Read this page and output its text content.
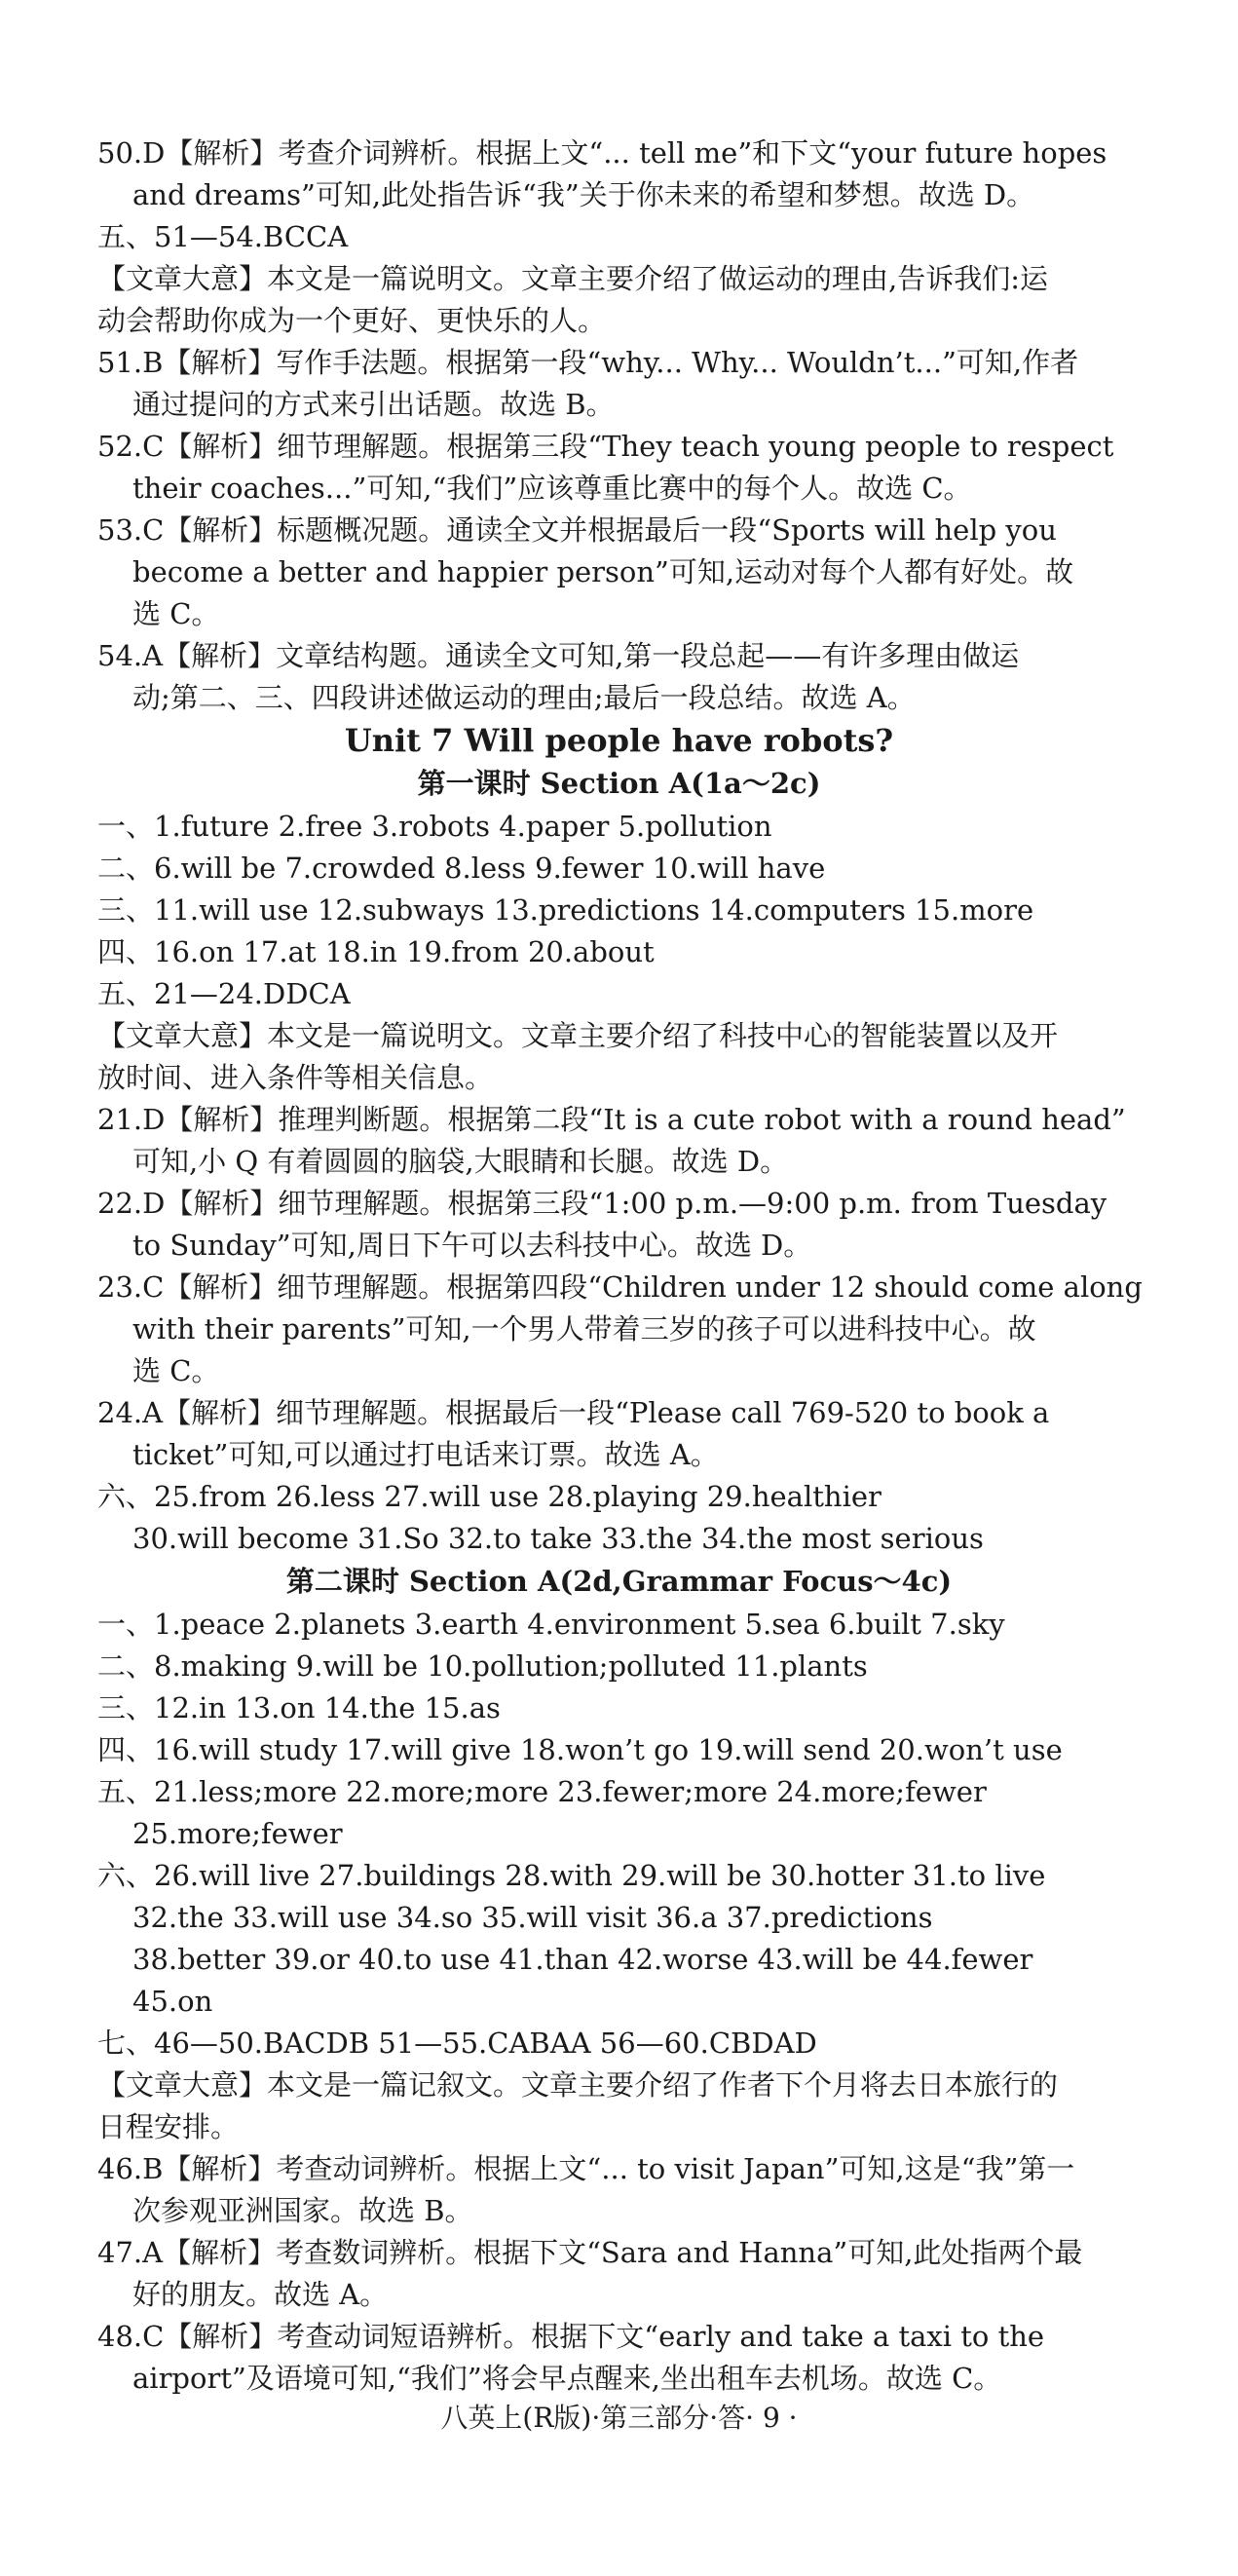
50.D【解析】考查介词辨析。根据上文“... tell me”和下文“your future hopes
and dreams”可知,此处指告诉“我”关于你未来的希望和梦想。故选 D。
五、51—54.BCCA
【文章大意】本文是一篇说明文。文章主要介绍了做运动的理由,告诉我们:运
动会帮助你成为一个更好、更快乐的人。
51.B【解析】写作手法题。根据第一段“why... Why... Wouldn’t...”可知,作者
通过提问的方式来引出话题。故选 B。
52.C【解析】细节理解题。根据第三段“They teach young people to respect
their coaches...”可知,“我们”应该尊重比赛中的每个人。故选 C。
53.C【解析】标题概况题。通读全文并根据最后一段“Sports will help you
become a better and happier person”可知,运动对每个人都有好处。故
选 C。
54.A【解析】文章结构题。通读全文可知,第一段总起——有许多理由做运
动;第二、三、四段讲述做运动的理由;最后一段总结。故选 A。
Unit 7 Will people have robots?
第一课时 Section A(1a～2c)
一、1.future 2.free 3.robots 4.paper 5.pollution
二、6.will be 7.crowded 8.less 9.fewer 10.will have
三、11.will use 12.subways 13.predictions 14.computers 15.more
四、16.on 17.at 18.in 19.from 20.about
五、21—24.DDCA
【文章大意】本文是一篇说明文。文章主要介绍了科技中心的智能装置以及开
放时间、进入条件等相关信息。
21.D【解析】推理判断题。根据第二段“It is a cute robot with a round head”
可知,小 Q 有着圆圆的脑袋,大眼睛和长腿。故选 D。
22.D【解析】细节理解题。根据第三段“1:00 p.m.—9:00 p.m. from Tuesday
to Sunday”可知,周日下午可以去科技中心。故选 D。
23.C【解析】细节理解题。根据第四段“Children under 12 should come along
with their parents”可知,一个男人带着三岁的孩子可以进科技中心。故
选 C。
24.A【解析】细节理解题。根据最后一段“Please call 769-520 to book a
ticket”可知,可以通过打电话来订票。故选 A。
六、25.from 26.less 27.will use 28.playing 29.healthier
30.will become 31.So 32.to take 33.the 34.the most serious
第二课时 Section A(2d,Grammar Focus～4c)
一、1.peace 2.planets 3.earth 4.environment 5.sea 6.built 7.sky
二、8.making 9.will be 10.pollution;polluted 11.plants
三、12.in 13.on 14.the 15.as
四、16.will study 17.will give 18.won’t go 19.will send 20.won’t use
五、21.less;more 22.more;more 23.fewer;more 24.more;fewer
25.more;fewer
六、26.will live 27.buildings 28.with 29.will be 30.hotter 31.to live
32.the 33.will use 34.so 35.will visit 36.a 37.predictions
38.better 39.or 40.to use 41.than 42.worse 43.will be 44.fewer
45.on
七、46—50.BACDB 51—55.CABAA 56—60.CBDAD
【文章大意】本文是一篇记叙文。文章主要介绍了作者下个月将去日本旅行的
日程安排。
46.B【解析】考查动词辨析。根据上文“... to visit Japan”可知,这是“我”第一
次参观亚洲国家。故选 B。
47.A【解析】考查数词辨析。根据下文“Sara and Hanna”可知,此处指两个最
好的朋友。故选 A。
48.C【解析】考查动词短语辨析。根据下文“early and take a taxi to the
airport”及语境可知,“我们”将会早点醒来,坐出租车去机场。故选 C。
八英上(R版)·第三部分·答· 9 ·
